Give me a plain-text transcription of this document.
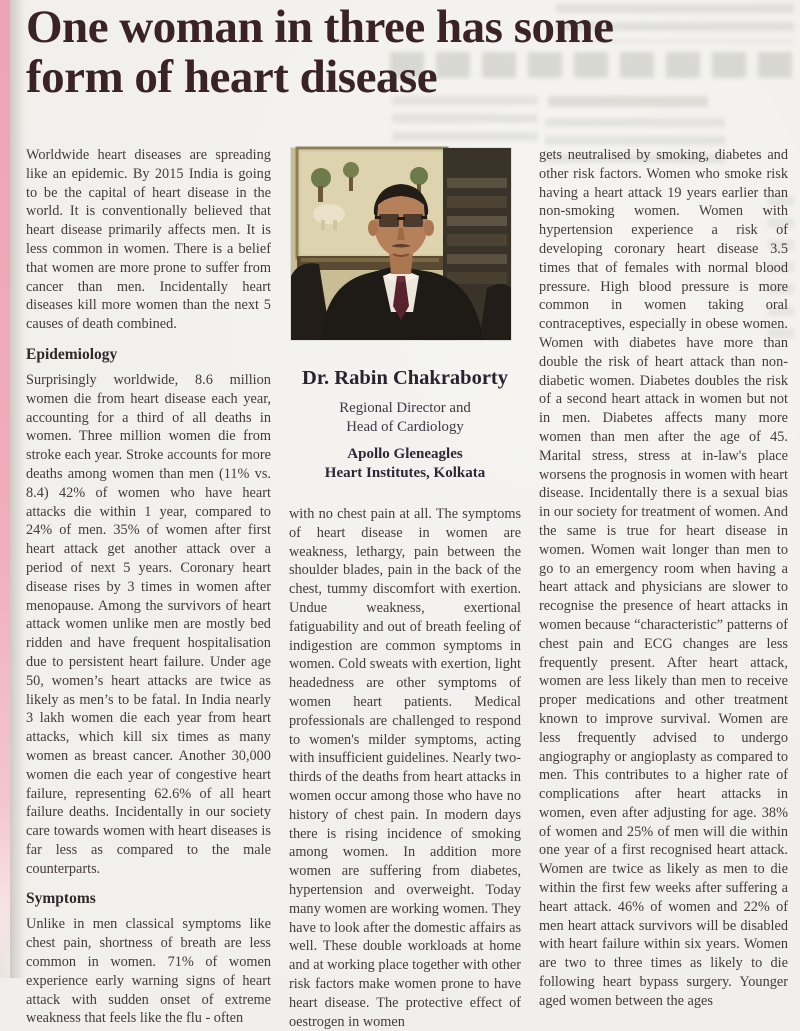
One woman in three has some
form of heart disease

Worldwide heart diseases are spreading like an epidemic. By 2015 India is going to be the capital of heart disease in the world. It is conventionally believed that heart disease primarily affects men. It is less common in women. There is a belief that women are more prone to suffer from cancer than men. Incidentally heart diseases kill more women than the next 5 causes of death combined.

Epidemiology

Surprisingly worldwide, 8.6 million women die from heart disease each year, accounting for a third of all deaths in women. Three million women die from stroke each year. Stroke accounts for more deaths among women than men (11% vs. 8.4) 42% of women who have heart attacks die within 1 year, compared to 24% of men. 35% of women after first heart attack get another attack over a period of next 5 years. Coronary heart disease rises by 3 times in women after menopause. Among the survivors of heart attack women unlike men are mostly bed ridden and have frequent hospitalisation due to persistent heart failure. Under age 50, women’s heart attacks are twice as likely as men’s to be fatal. In India nearly 3 lakh women die each year from heart attacks, which kill six times as many women as breast cancer. Another 30,000 women die each year of congestive heart failure, representing 62.6% of all heart failure deaths. Incidentally in our society care towards women with heart diseases is far less as compared to the male counterparts.

Symptoms

Unlike in men classical symptoms like chest pain, shortness of breath are less common in women. 71% of women experience early warning signs of heart attack with sudden onset of extreme weakness that feels like the flu - often

Dr. Rabin Chakraborty
Regional Director and
Head of Cardiology
Apollo Gleneagles
Heart Institutes, Kolkata

with no chest pain at all. The symptoms of heart disease in women are weakness, lethargy, pain between the shoulder blades, pain in the back of the chest, tummy discomfort with exertion. Undue weakness, exertional fatiguability and out of breath feeling of indigestion are common symptoms in women. Cold sweats with exertion, light headedness are other symptoms of women heart patients. Medical professionals are challenged to respond to women's milder symptoms, acting with insufficient guidelines. Nearly two-thirds of the deaths from heart attacks in women occur among those who have no history of chest pain. In modern days there is rising incidence of smoking among women. In addition more women are suffering from diabetes, hypertension and overweight. Today many women are working women. They have to look after the domestic affairs as well. These double workloads at home and at working place together with other risk factors make women prone to have heart disease. The protective effect of oestrogen in women

gets neutralised by smoking, diabetes and other risk factors. Women who smoke risk having a heart attack 19 years earlier than non-smoking women. Women with hypertension experience a risk of developing coronary heart disease 3.5 times that of females with normal blood pressure. High blood pressure is more common in women taking oral contraceptives, especially in obese women. Women with diabetes have more than double the risk of heart attack than non-diabetic women. Diabetes doubles the risk of a second heart attack in women but not in men. Diabetes affects many more women than men after the age of 45. Marital stress, stress at in-law's place worsens the prognosis in women with heart disease. Incidentally there is a sexual bias in our society for treatment of women. And the same is true for heart disease in women. Women wait longer than men to go to an emergency room when having a heart attack and physicians are slower to recognise the presence of heart attacks in women because “characteristic” patterns of chest pain and ECG changes are less frequently present. After heart attack, women are less likely than men to receive proper medications and other treatment known to improve survival. Women are less frequently advised to undergo angiography or angioplasty as compared to men. This contributes to a higher rate of complications after heart attacks in women, even after adjusting for age. 38% of women and 25% of men will die within one year of a first recognised heart attack. Women are twice as likely as men to die within the first few weeks after suffering a heart attack. 46% of women and 22% of men heart attack survivors will be disabled with heart failure within six years. Women are two to three times as likely to die following heart bypass surgery. Younger aged women between the ages
